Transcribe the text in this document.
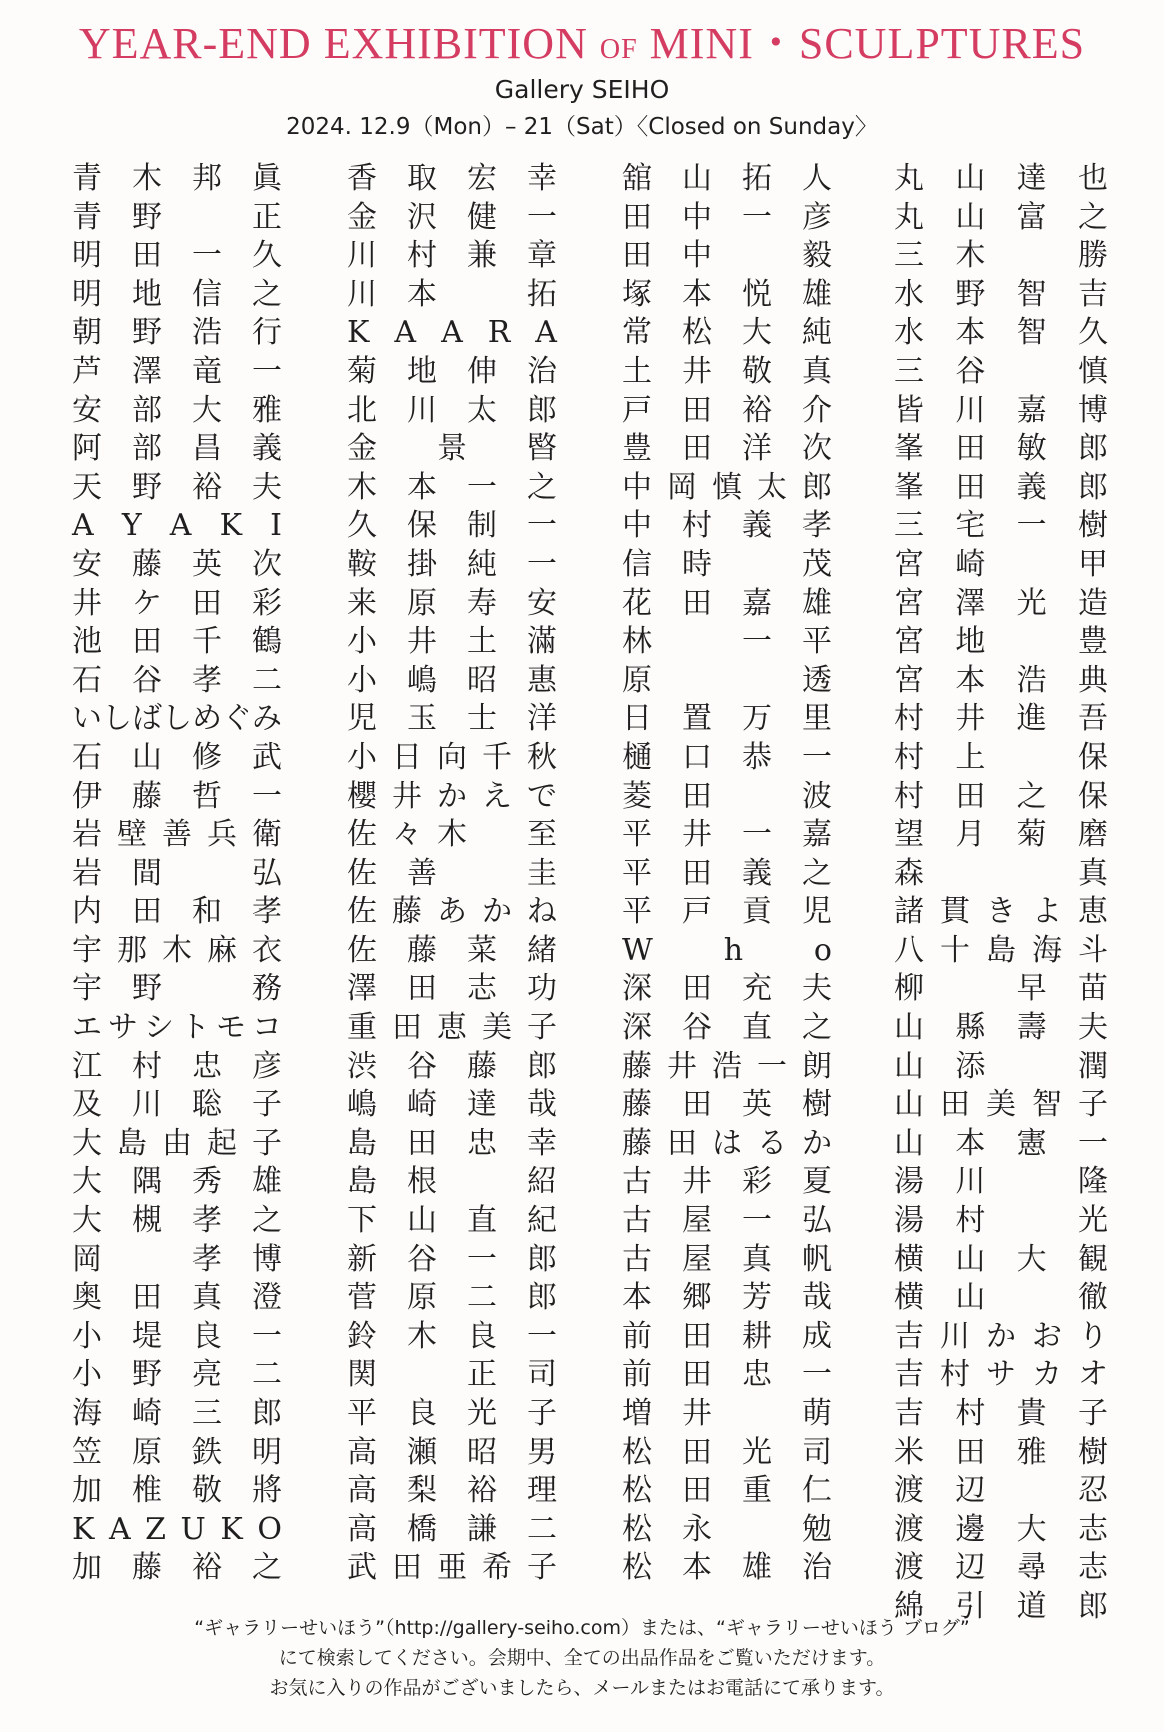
YEAR-END EXHIBITION OF MINI・SCULPTURES
Gallery SEIHO
2024. 12.9（Mon）– 21（Sat）〈Closed on Sunday〉
青 木 邦 眞
青 野
　	正
明 田 一 久
明 地 信 之
朝 野 浩 行
芦 澤 竜 一
安 部 大 雅
阿 部 昌 義
天 野 裕 夫
A Y A K I
安 藤 英 次
井 ケ 田 彩
池 田 千 鶴
石 谷 孝 二
い し ば し め ぐ み
石 山 修 武
伊 藤 哲 一
岩 壁 善 兵 衛
岩 間
　	弘
内 田 和 孝
宇 那 木 麻 衣
宇 野
　	務
エ サ シ ト モ コ
江 村 忠 彦
及 川 聡 子
大 島 由 起 子
大 隅 秀 雄
大 槻 孝 之
岡
　	孝 博
奥 田 真 澄
小 堤 良 一
小 野 亮 二
海 崎 三 郎
笠 原 鉄 明
加 椎 敬 將
K A Z U K O
加 藤 裕 之
香 取 宏 幸
金 沢 健 一
川 村 兼 章
川 本
　	拓
K A A R A
菊 地 伸 治
北 川 太 郎
金
　 景
　 暋
木 本 一 之
久 保 制 一
鞍 掛 純 一
来 原 寿 安
小 井 土 滿
小 嶋 昭 惠
児 玉 士 洋
小 日 向 千 秋
櫻 井 か え で
佐 々 木
　 至
佐 善
　	圭
佐 藤 あ か ね
佐 藤 菜 緒
澤 田 志 功
重 田 恵 美 子
渋 谷 藤 郎
嶋 崎 達 哉
島 田 忠 幸
島 根
　	紹
下 山 直 紀
新 谷 一 郎
菅 原 二 郎
鈴 木 良 一
関
　	正 司
平 良 光 子
高 瀬 昭 男
高 梨 裕 理
高 橋 謙 二
武 田 亜 希 子
舘 山 拓 人
田 中 一 彦
田 中
　	毅
塚 本 悦 雄
常 松 大 純
土 井 敬 真
戸 田 裕 介
豊 田 洋 次
中 岡 慎 太 郎
中 村 義 孝
信 時
　	茂
花 田 嘉 雄
林
　	一 平
原

　	透
日 置 万 里
樋 口 恭 一
菱 田
　	波
平 井 一 嘉
平 田 義 之
平 戸 貢 児
W
　 h
　 o
深 田 充 夫
深 谷 直 之
藤 井 浩 一 朗
藤 田 英 樹
藤 田 は る か
古 井 彩 夏
古 屋 一 弘
古 屋 真 帆
本 郷 芳 哉
前 田 耕 成
前 田 忠 一
増 井
　	萌
松 田 光 司
松 田 重 仁
松 永
　	勉
松 本 雄 治
丸 山 達 也
丸 山 富 之
三 木
　	勝
水 野 智 吉
水 本 智 久
三 谷
　	慎
皆 川 嘉 博
峯 田 敏 郎
峯 田 義 郎
三 宅 一 樹
宮 崎
　	甲
宮 澤 光 造
宮 地
　	豊
宮 本 浩 典
村 井 進 吾
村 上
　	保
村 田 之 保
望 月 菊 磨
森

　	真
諸 貫 き よ 恵
八 十 島 海 斗
柳
　	早 苗
山 縣 壽 夫
山 添
　	潤
山 田 美 智 子
山 本 憲 一
湯 川
　	隆
湯 村
　	光
横 山 大 観
横 山
　	徹
吉 川 か お り
吉 村 サ カ オ
吉 村 貴 子
米 田 雅 樹
渡 辺
　	忍
渡 邊 大 志
渡 辺 尋 志
綿 引 道 郎
“ギャラリーせいほう”（http://gallery-seiho.com）または、“ギャラリーせいほう ブログ”
にて検索してください。会期中、全ての出品作品をご覧いただけます。
お気に入りの作品がございましたら、メールまたはお電話にて承ります。
